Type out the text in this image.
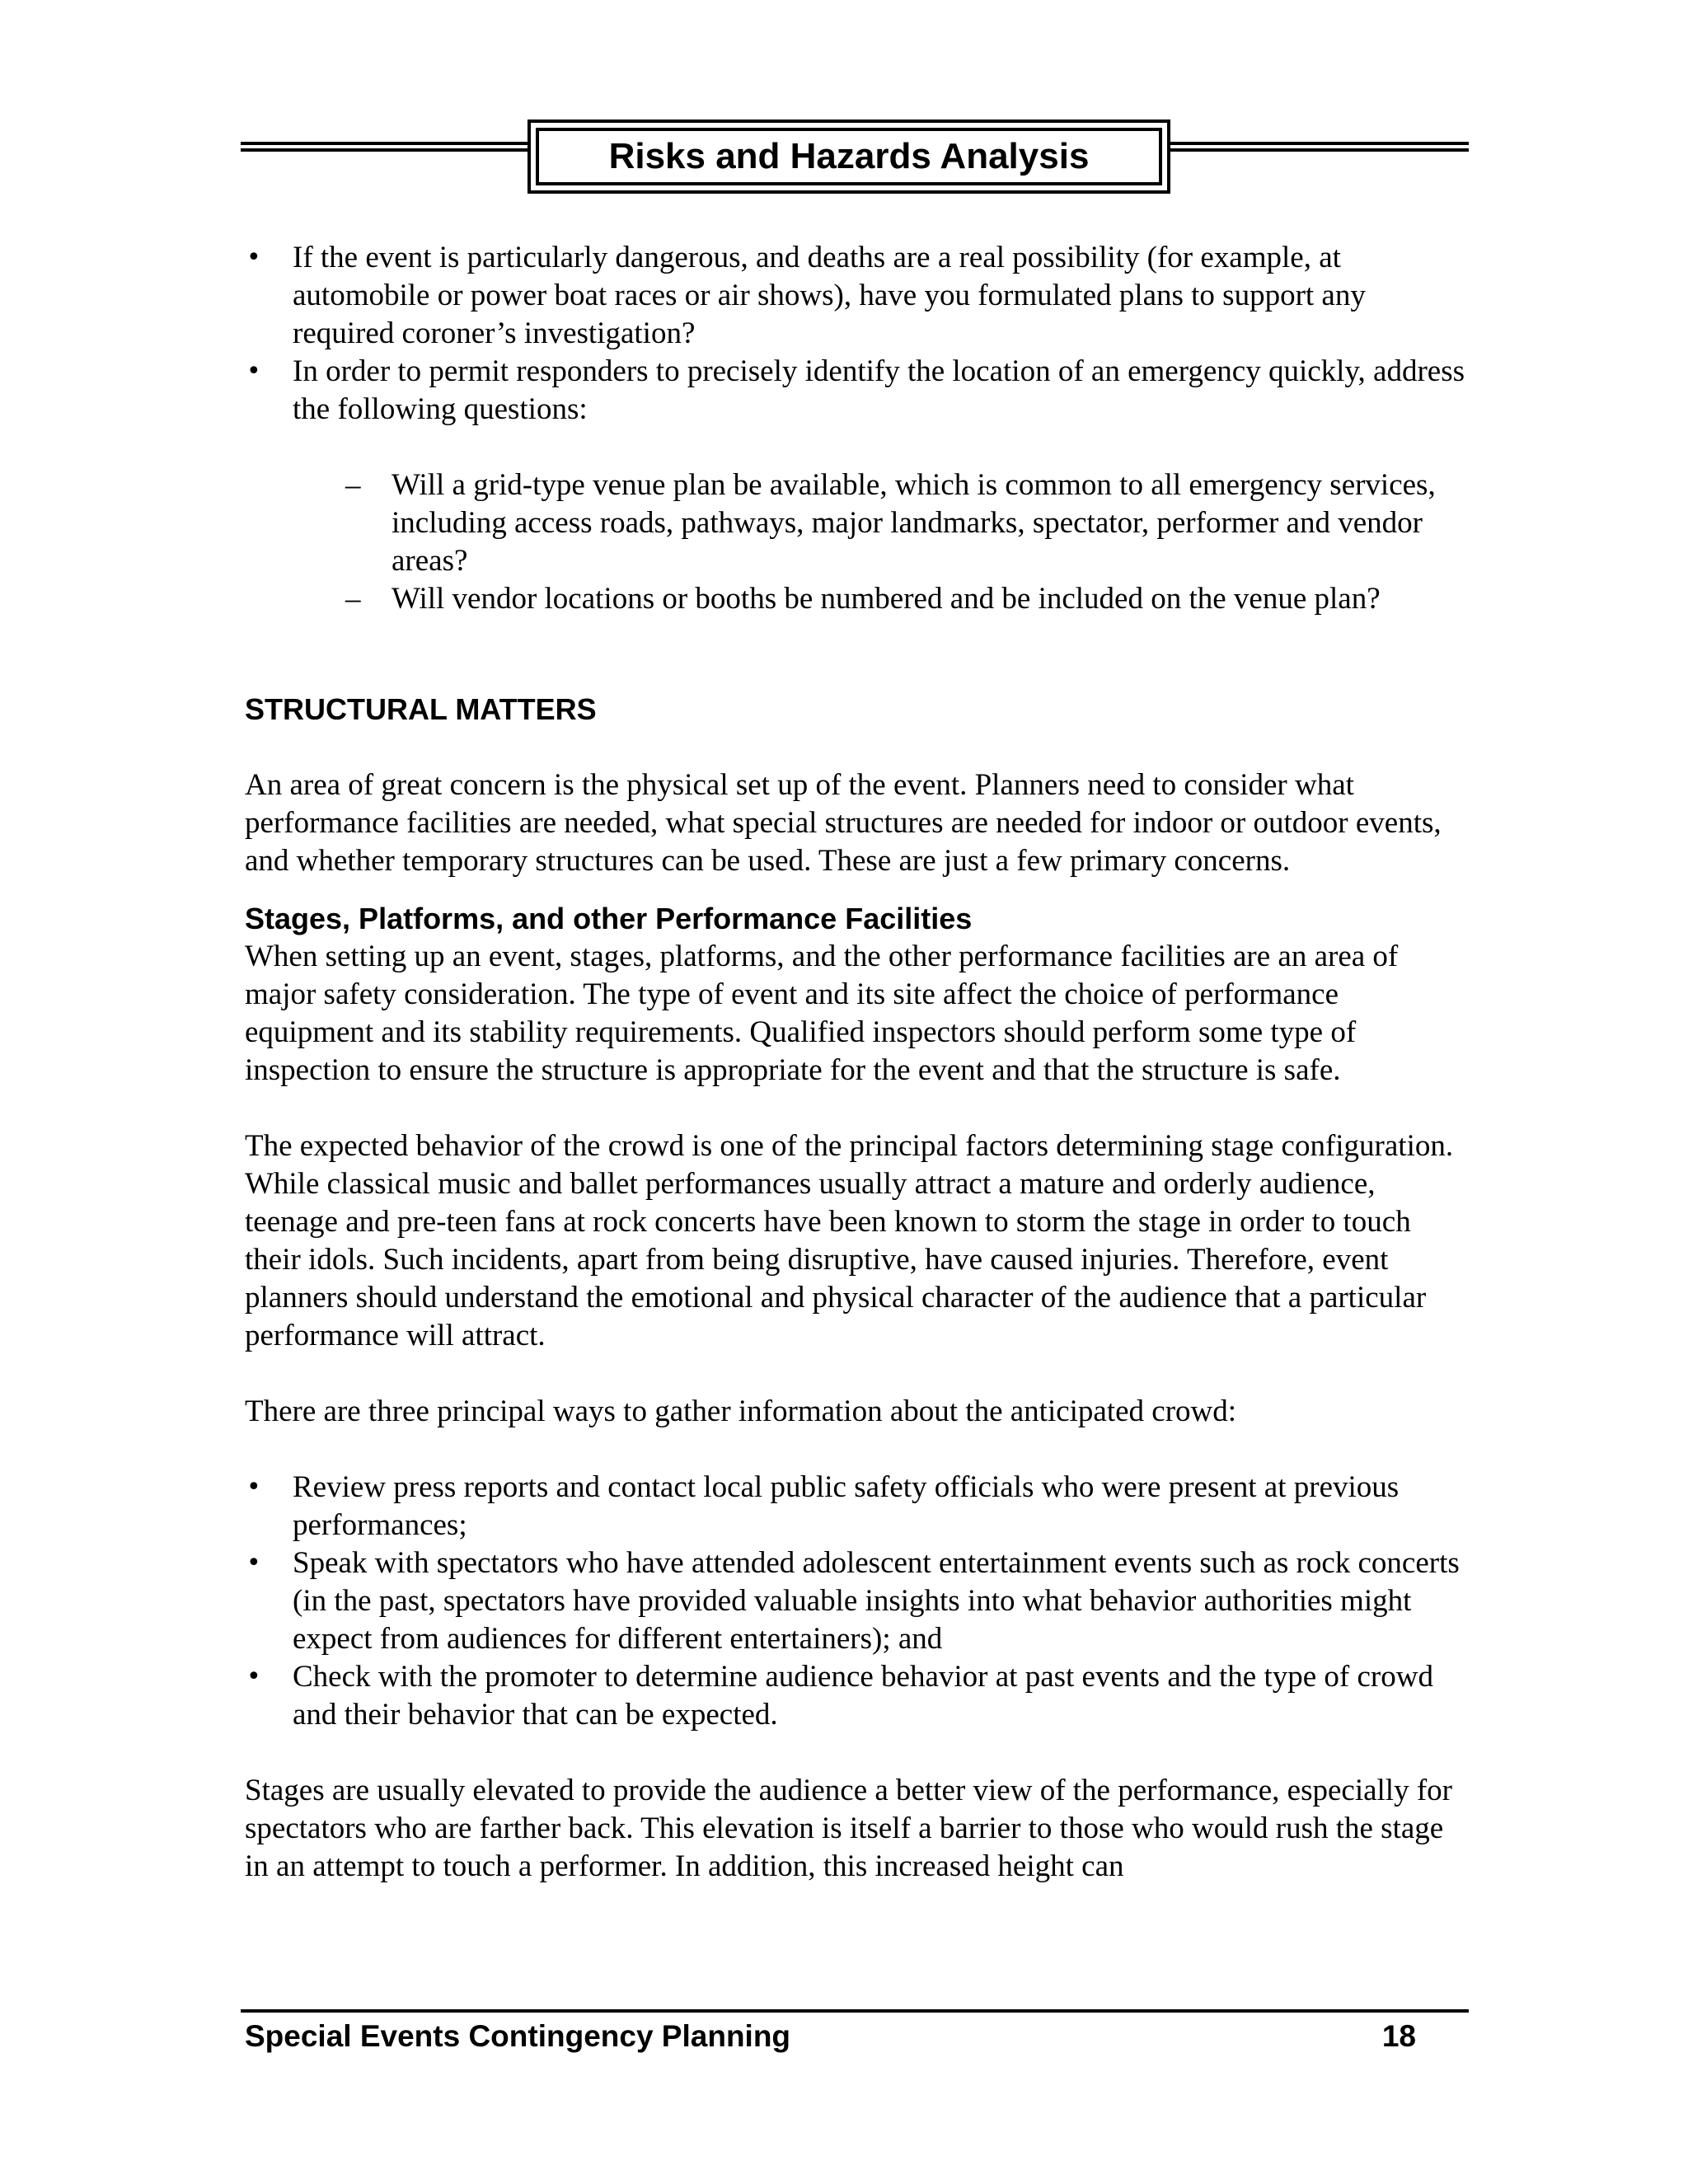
Risks and Hazards Analysis
• If the event is particularly dangerous, and deaths are a real possibility (for example, at automobile or power boat races or air shows), have you formulated plans to support any required coroner’s investigation?
• In order to permit responders to precisely identify the location of an emergency quickly, address the following questions:
– Will a grid-type venue plan be available, which is common to all emergency services, including access roads, pathways, major landmarks, spectator, performer and vendor areas?
– Will vendor locations or booths be numbered and be included on the venue plan?
STRUCTURAL MATTERS

An area of great concern is the physical set up of the event. Planners need to consider what performance facilities are needed, what special structures are needed for indoor or outdoor events, and whether temporary structures can be used. These are just a few primary concerns.

Stages, Platforms, and other Performance Facilities

When setting up an event, stages, platforms, and the other performance facilities are an area of major safety consideration. The type of event and its site affect the choice of performance equipment and its stability requirements. Qualified inspectors should perform some type of inspection to ensure the structure is appropriate for the event and that the structure is safe.

The expected behavior of the crowd is one of the principal factors determining stage configuration. While classical music and ballet performances usually attract a mature and orderly audience, teenage and pre-teen fans at rock concerts have been known to storm the stage in order to touch their idols. Such incidents, apart from being disruptive, have caused injuries. Therefore, event planners should understand the emotional and physical character of the audience that a particular performance will attract.

There are three principal ways to gather information about the anticipated crowd:

• Review press reports and contact local public safety officials who were present at previous performances;
• Speak with spectators who have attended adolescent entertainment events such as rock concerts (in the past, spectators have provided valuable insights into what behavior authorities might expect from audiences for different entertainers); and
• Check with the promoter to determine audience behavior at past events and the type of crowd and their behavior that can be expected.

Stages are usually elevated to provide the audience a better view of the performance, especially for spectators who are farther back. This elevation is itself a barrier to those who would rush the stage in an attempt to touch a performer. In addition, this increased height can

Special Events Contingency Planning	18
